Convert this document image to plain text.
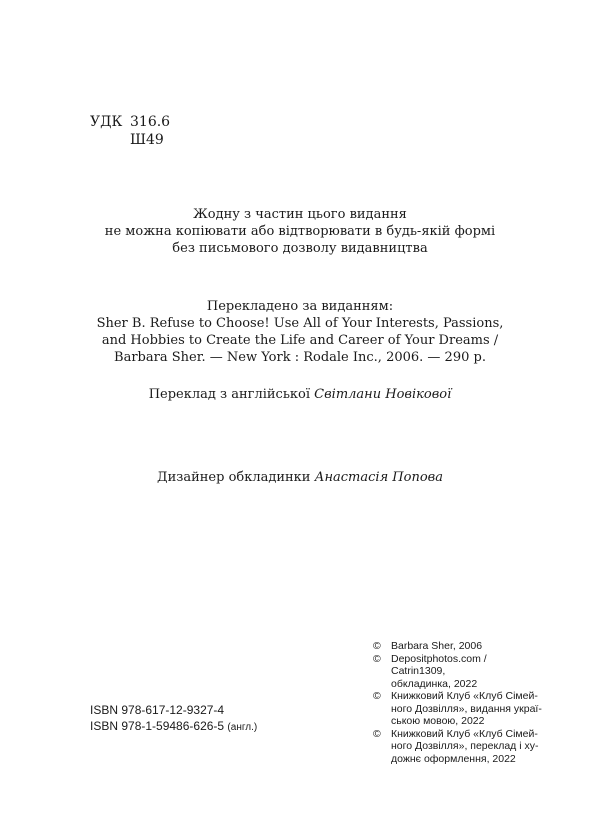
УДК 316.6
Ш49
Жодну з частин цього видання
не можна копіювати або відтворювати в будь-якій формі
без письмового дозволу видавництва
Перекладено за виданням:
Sher B. Refuse to Choose! Use All of Your Interests, Passions,
and Hobbies to Create the Life and Career of Your Dreams /
Barbara Sher. — New York : Rodale Inc., 2006. — 290 p.
Переклад з англійської Світлани Новікової
Дизайнер обкладинки Анастасія Попова
© Barbara Sher, 2006
© Depositphotos.com / Catrin1309,
обкладинка, 2022
© Книжковий Клуб «Клуб Сімей-
ного Дозвілля», видання украї-
ською мовою, 2022
© Книжковий Клуб «Клуб Сімей-
ного Дозвілля», переклад і ху-
дожнє оформлення, 2022
ISBN 978-617-12-9327-4
ISBN 978-1-59486-626-5 (англ.)
